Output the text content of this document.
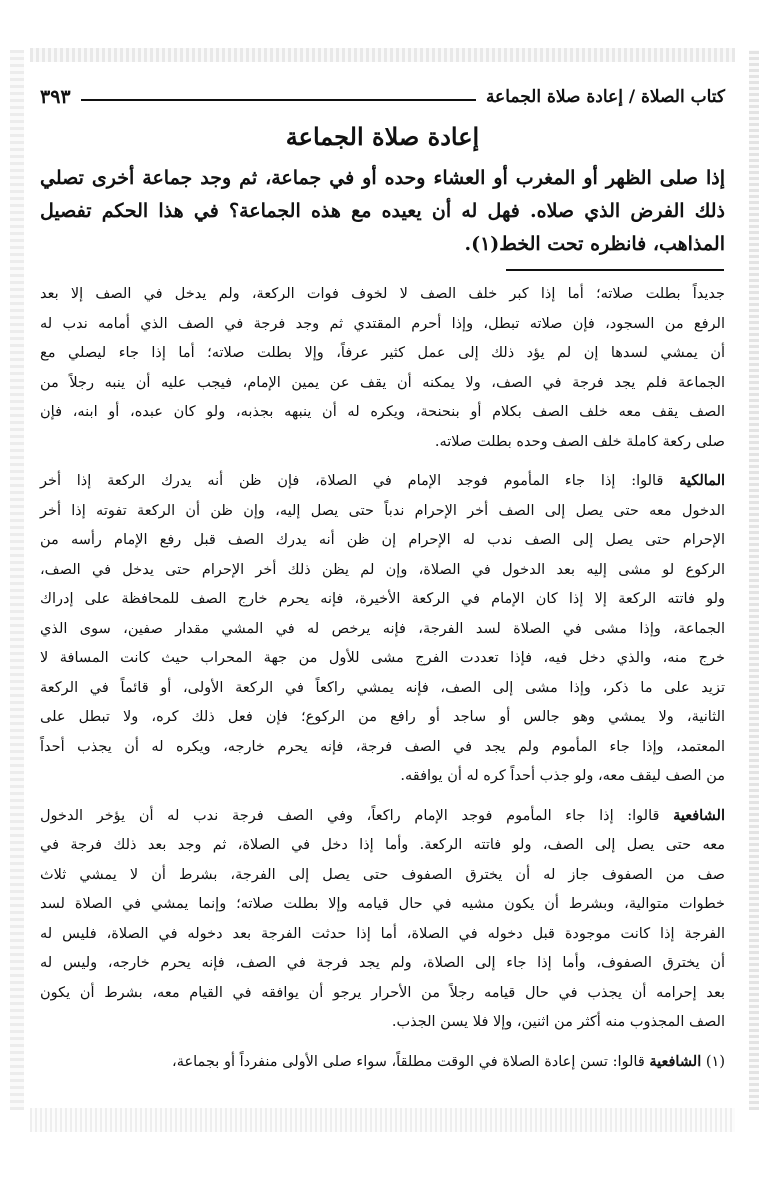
كتاب الصلاة / إعادة صلاة الجماعة
٣٩٣
إعادة صلاة الجماعة
إذا صلى الظهر أو المغرب أو العشاء وحده أو في جماعة، ثم وجد جماعة أخرى تصلي
ذلك الفرض الذي صلاه. فهل له أن يعيده مع هذه الجماعة؟ في هذا الحكم تفصيل
المذاهب، فانظره تحت الخط(١).

جديداً بطلت صلاته؛ أما إذا كبر خلف الصف لا لخوف فوات الركعة، ولم يدخل في الصف إلا بعد
الرفع من السجود، فإن صلاته تبطل، وإذا أحرم المقتدي ثم وجد فرجة في الصف الذي أمامه ندب له
أن يمشي لسدها إن لم يؤد ذلك إلى عمل كثير عرفاً، وإلا بطلت صلاته؛ أما إذا جاء ليصلي مع
الجماعة فلم يجد فرجة في الصف، ولا يمكنه أن يقف عن يمين الإمام، فيجب عليه أن ينبه رجلاً من
الصف يقف معه خلف الصف بكلام أو بنحنحة، ويكره له أن ينبهه بجذبه، ولو كان عبده، أو ابنه، فإن
صلى ركعة كاملة خلف الصف وحده بطلت صلاته.

المالكية قالوا: إذا جاء المأموم فوجد الإمام في الصلاة، فإن ظن أنه يدرك الركعة إذا أخر
الدخول معه حتى يصل إلى الصف أخر الإحرام ندباً حتى يصل إليه، وإن ظن أن الركعة تفوته إذا أخر
الإحرام حتى يصل إلى الصف ندب له الإحرام إن ظن أنه يدرك الصف قبل رفع الإمام رأسه من
الركوع لو مشى إليه بعد الدخول في الصلاة، وإن لم يظن ذلك أخر الإحرام حتى يدخل في الصف،
ولو فاتته الركعة إلا إذا كان الإمام في الركعة الأخيرة، فإنه يحرم خارج الصف للمحافظة على إدراك
الجماعة، وإذا مشى في الصلاة لسد الفرجة، فإنه يرخص له في المشي مقدار صفين، سوى الذي
خرج منه، والذي دخل فيه، فإذا تعددت الفرج مشى للأول من جهة المحراب حيث كانت المسافة لا
تزيد على ما ذكر، وإذا مشى إلى الصف، فإنه يمشي راكعاً في الركعة الأولى، أو قائماً في الركعة
الثانية، ولا يمشي وهو جالس أو ساجد أو رافع من الركوع؛ فإن فعل ذلك كره، ولا تبطل على
المعتمد، وإذا جاء المأموم ولم يجد في الصف فرجة، فإنه يحرم خارجه، ويكره له أن يجذب أحداً
من الصف ليقف معه، ولو جذب أحداً كره له أن يوافقه.

الشافعية قالوا: إذا جاء المأموم فوجد الإمام راكعاً، وفي الصف فرجة ندب له أن يؤخر الدخول
معه حتى يصل إلى الصف، ولو فاتته الركعة. وأما إذا دخل في الصلاة، ثم وجد بعد ذلك فرجة في
صف من الصفوف جاز له أن يخترق الصفوف حتى يصل إلى الفرجة، بشرط أن لا يمشي ثلاث
خطوات متوالية، وبشرط أن يكون مشيه في حال قيامه وإلا بطلت صلاته؛ وإنما يمشي في الصلاة لسد
الفرجة إذا كانت موجودة قبل دخوله في الصلاة، أما إذا حدثت الفرجة بعد دخوله في الصلاة، فليس له
أن يخترق الصفوف، وأما إذا جاء إلى الصلاة، ولم يجد فرجة في الصف، فإنه يحرم خارجه، وليس له
بعد إحرامه أن يجذب في حال قيامه رجلاً من الأحرار يرجو أن يوافقه في القيام معه، بشرط أن يكون
الصف المجذوب منه أكثر من اثنين، وإلا فلا يسن الجذب.

(١) الشافعية قالوا: تسن إعادة الصلاة في الوقت مطلقاً، سواء صلى الأولى منفرداً أو بجماعة،
